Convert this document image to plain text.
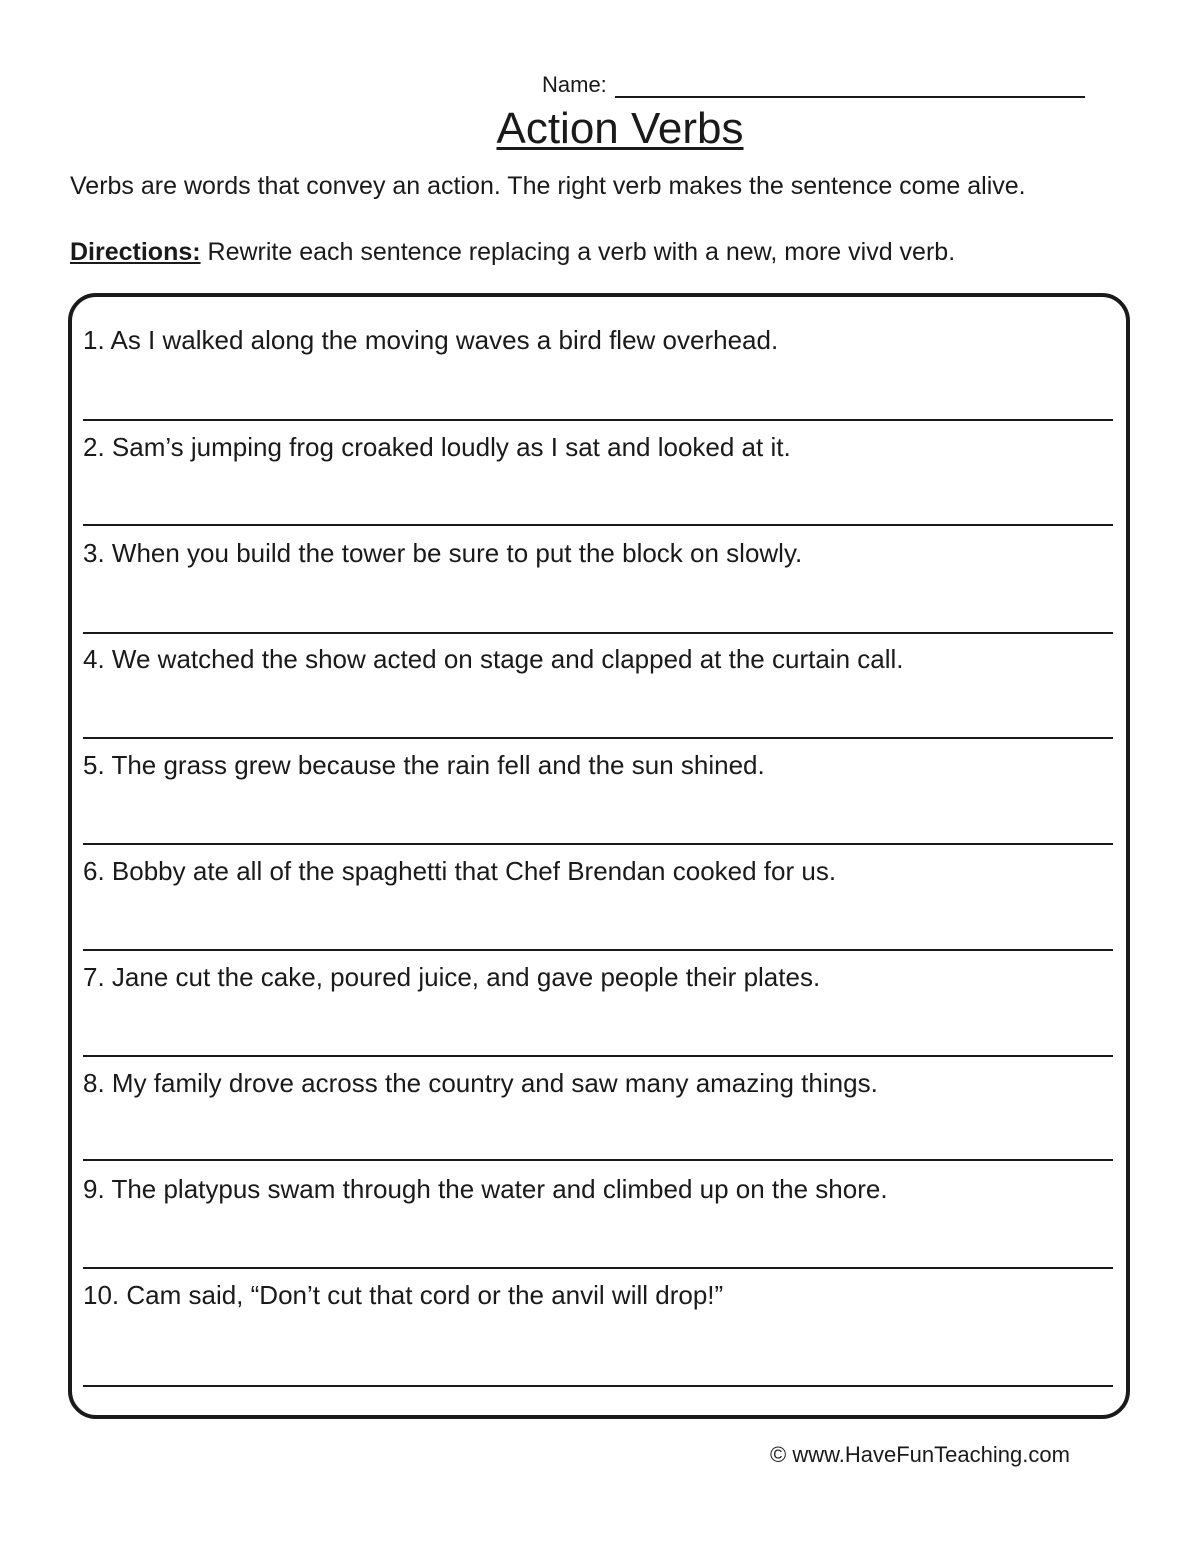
Name:
Action Verbs

Verbs are words that convey an action. The right verb makes the sentence come alive.

Directions: Rewrite each sentence replacing a verb with a new, more vivd verb.

1. As I walked along the moving waves a bird flew overhead.
2. Sam’s jumping frog croaked loudly as I sat and looked at it.
3. When you build the tower be sure to put the block on slowly.
4. We watched the show acted on stage and clapped at the curtain call.
5. The grass grew because the rain fell and the sun shined.
6. Bobby ate all of the spaghetti that Chef Brendan cooked for us.
7. Jane cut the cake, poured juice, and gave people their plates.
8. My family drove across the country and saw many amazing things.
9. The platypus swam through the water and climbed up on the shore.
10. Cam said, “Don’t cut that cord or the anvil will drop!”
© www.HaveFunTeaching.com
